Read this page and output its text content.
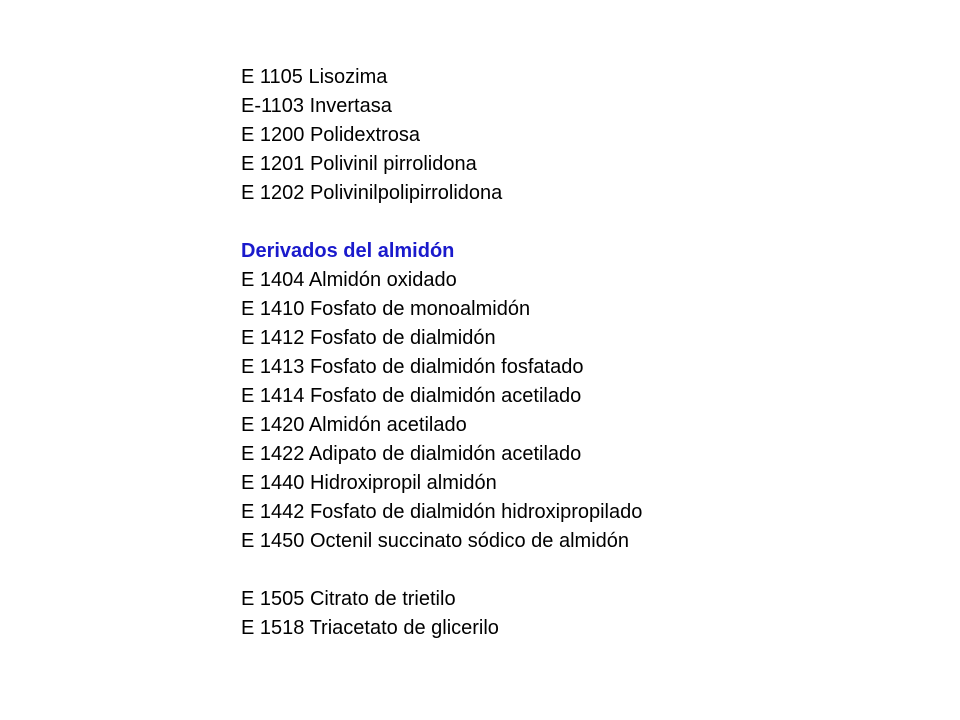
E 1105 Lisozima
E-1103 Invertasa
E 1200 Polidextrosa
E 1201 Polivinil pirrolidona
E 1202 Polivinilpolipirrolidona
Derivados del almidón
E 1404 Almidón oxidado
E 1410 Fosfato de monoalmidón
E 1412 Fosfato de dialmidón
E 1413 Fosfato de dialmidón fosfatado
E 1414 Fosfato de dialmidón acetilado
E 1420 Almidón acetilado
E 1422 Adipato de dialmidón acetilado
E 1440 Hidroxipropil almidón
E 1442 Fosfato de dialmidón hidroxipropilado
E 1450 Octenil succinato sódico de almidón
E 1505 Citrato de trietilo
E 1518 Triacetato de glicerilo
